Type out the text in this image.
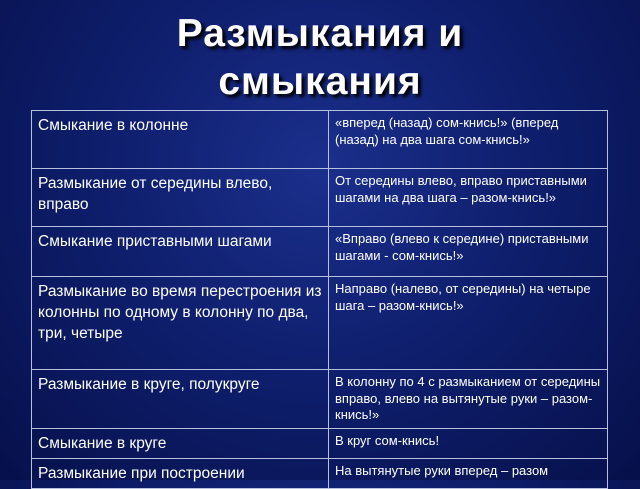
Размыкания и
смыкания
Смыкание в колонне	«вперед (назад) сом-кнись!» (вперед (назад) на два шага сом-кнись!»

Размыкание от середины влево, вправо	От середины влево, вправо приставными шагами на два шага – разом-кнись!»

Смыкание приставными шагами	«Вправо (влево к середине) приставными шагами - сом-кнись!»

Размыкание во время перестроения из колонны по одному в колонну по два, три, четыре	Направо (налево, от середины) на четыре шага – разом-кнись!»

Размыкание в круге, полукруге	В колонну по 4 с размыканием от середины вправо, влево на вытянутые руки – разом-кнись!»

Смыкание в круге	В круг сом-кнись!

Размыкание при построении	На вытянутые руки вперед – разом
